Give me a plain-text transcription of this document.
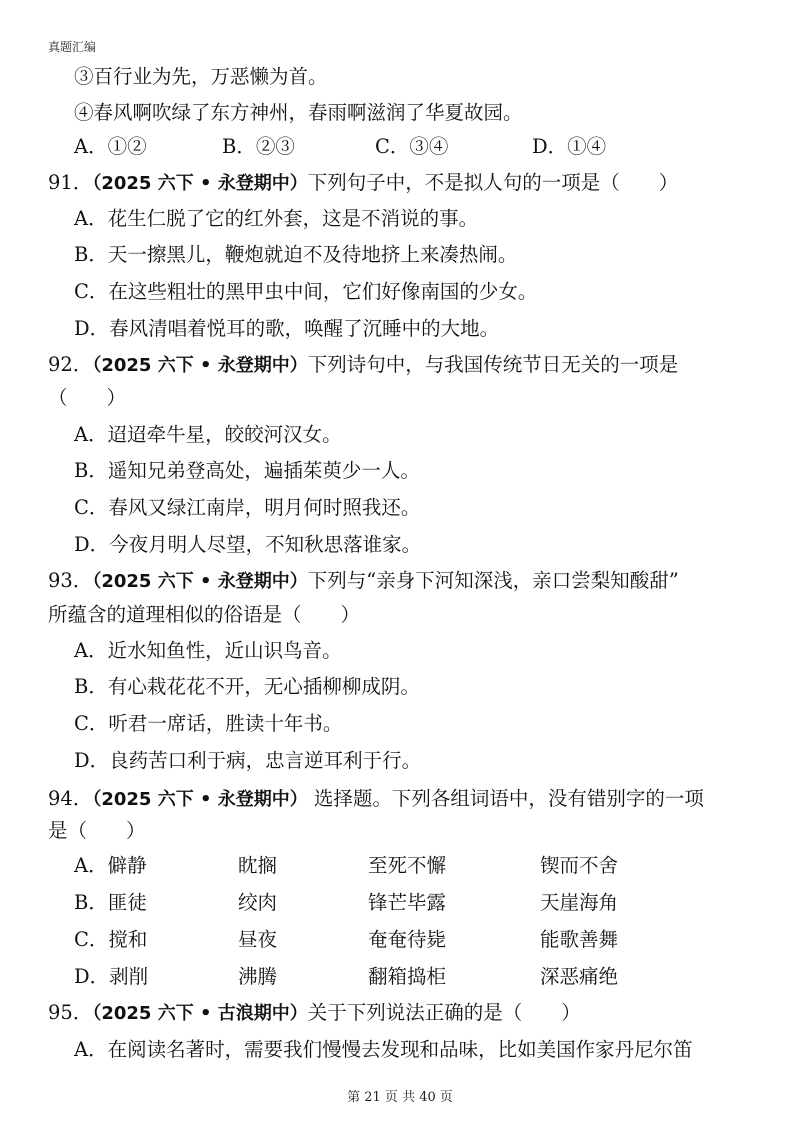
真题汇编
③百行业为先，万恶懒为首。
④春风啊吹绿了东方神州，春雨啊滋润了华夏故园。
A．①②	B．②③	C．③④	D．①④
91．（2025 六下 • 永登期中）下列句子中，不是拟人句的一项是（　　）
A．花生仁脱了它的红外套，这是不消说的事。
B．天一擦黑儿，鞭炮就迫不及待地挤上来凑热闹。
C．在这些粗壮的黑甲虫中间，它们好像南国的少女。
D．春风清唱着悦耳的歌，唤醒了沉睡中的大地。
92．（2025 六下 • 永登期中）下列诗句中，与我国传统节日无关的一项是
（　　）
A．迢迢牵牛星，皎皎河汉女。
B．遥知兄弟登高处，遍插茱萸少一人。
C．春风又绿江南岸，明月何时照我还。
D．今夜月明人尽望，不知秋思落谁家。
93．（2025 六下 • 永登期中）下列与“亲身下河知深浅，亲口尝梨知酸甜”
所蕴含的道理相似的俗语是（　　）
A．近水知鱼性，近山识鸟音。
B．有心栽花花不开，无心插柳柳成阴。
C．听君一席话，胜读十年书。
D．良药苦口利于病，忠言逆耳利于行。
94．（2025 六下 • 永登期中） 选择题。下列各组词语中，没有错别字的一项
是（　　）
A．僻静	眈搁	至死不懈	锲而不舍
B．匪徒	绞肉	锋芒毕露	天崖海角
C．搅和	昼夜	奄奄待毙	能歌善舞
D．剥削	沸腾	翻箱捣柜	深恶痛绝
95．（2025 六下 • 古浪期中）关于下列说法正确的是（　　）
A．在阅读名著时，需要我们慢慢去发现和品味，比如美国作家丹尼尔笛
第 21 页 共 40 页
